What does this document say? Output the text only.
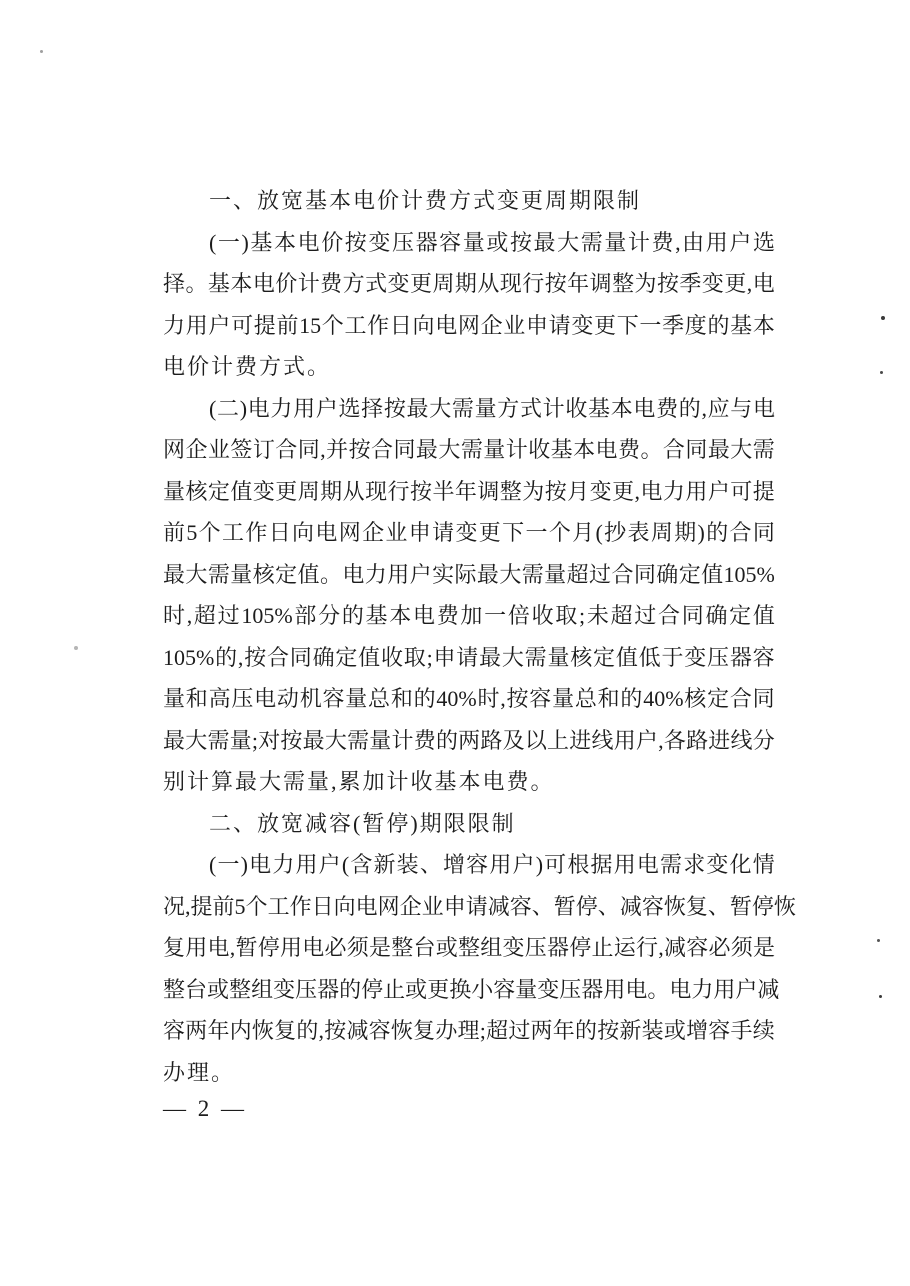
一、放宽基本电价计费方式变更周期限制
( 一 ) 基 本 电 价 按 变 压 器 容 量 或 按 最 大 需 量 计 费 , 由 用 户 选
择 。 基 本 电 价 计 费 方 式 变 更 周 期 从 现 行 按 年 调 整 为 按 季 变 更 , 电
力 用 户 可 提 前 15 个 工 作 日 向 电 网 企 业 申 请 变 更 下 一 季 度 的 基 本
电价计费方式。
( 二 ) 电 力 用 户 选 择 按 最 大 需 量 方 式 计 收 基 本 电 费 的 , 应 与 电
网 企 业 签 订 合 同 , 并 按 合 同 最 大 需 量 计 收 基 本 电 费 。 合 同 最 大 需
量 核 定 值 变 更 周 期 从 现 行 按 半 年 调 整 为 按 月 变 更 , 电 力 用 户 可 提
前 5 个 工 作 日 向 电 网 企 业 申 请 变 更 下 一 个 月 ( 抄 表 周 期 ) 的 合 同
最 大 需 量 核 定 值 。 电 力 用 户 实 际 最 大 需 量 超 过 合 同 确 定 值 105%
时 , 超 过 105% 部 分 的 基 本 电 费 加 一 倍 收 取 ; 未 超 过 合 同 确 定 值
105% 的 , 按 合 同 确 定 值 收 取 ; 申 请 最 大 需 量 核 定 值 低 于 变 压 器 容
量 和 高 压 电 动 机 容 量 总 和 的 40% 时 , 按 容 量 总 和 的 40% 核 定 合 同
最 大 需 量 ; 对 按 最 大 需 量 计 费 的 两 路 及 以 上 进 线 用 户 , 各 路 进 线 分
别计算最大需量,累加计收基本电费。
二、放宽减容(暂停)期限限制
( 一 ) 电 力 用 户 ( 含 新 装 、 增 容 用 户 ) 可 根 据 用 电 需 求 变 化 情
况 , 提 前 5 个 工 作 日 向 电 网 企 业 申 请 减 容 、 暂 停 、 减 容 恢 复 、 暂 停 恢
复 用 电 , 暂 停 用 电 必 须 是 整 台 或 整 组 变 压 器 停 止 运 行 , 减 容 必 须 是
整 台 或 整 组 变 压 器 的 停 止 或 更 换 小 容 量 变 压 器 用 电 。 电 力 用 户 减
容 两 年 内 恢 复 的 , 按 减 容 恢 复 办 理 ; 超 过 两 年 的 按 新 装 或 增 容 手 续
办理。
— 2 —
